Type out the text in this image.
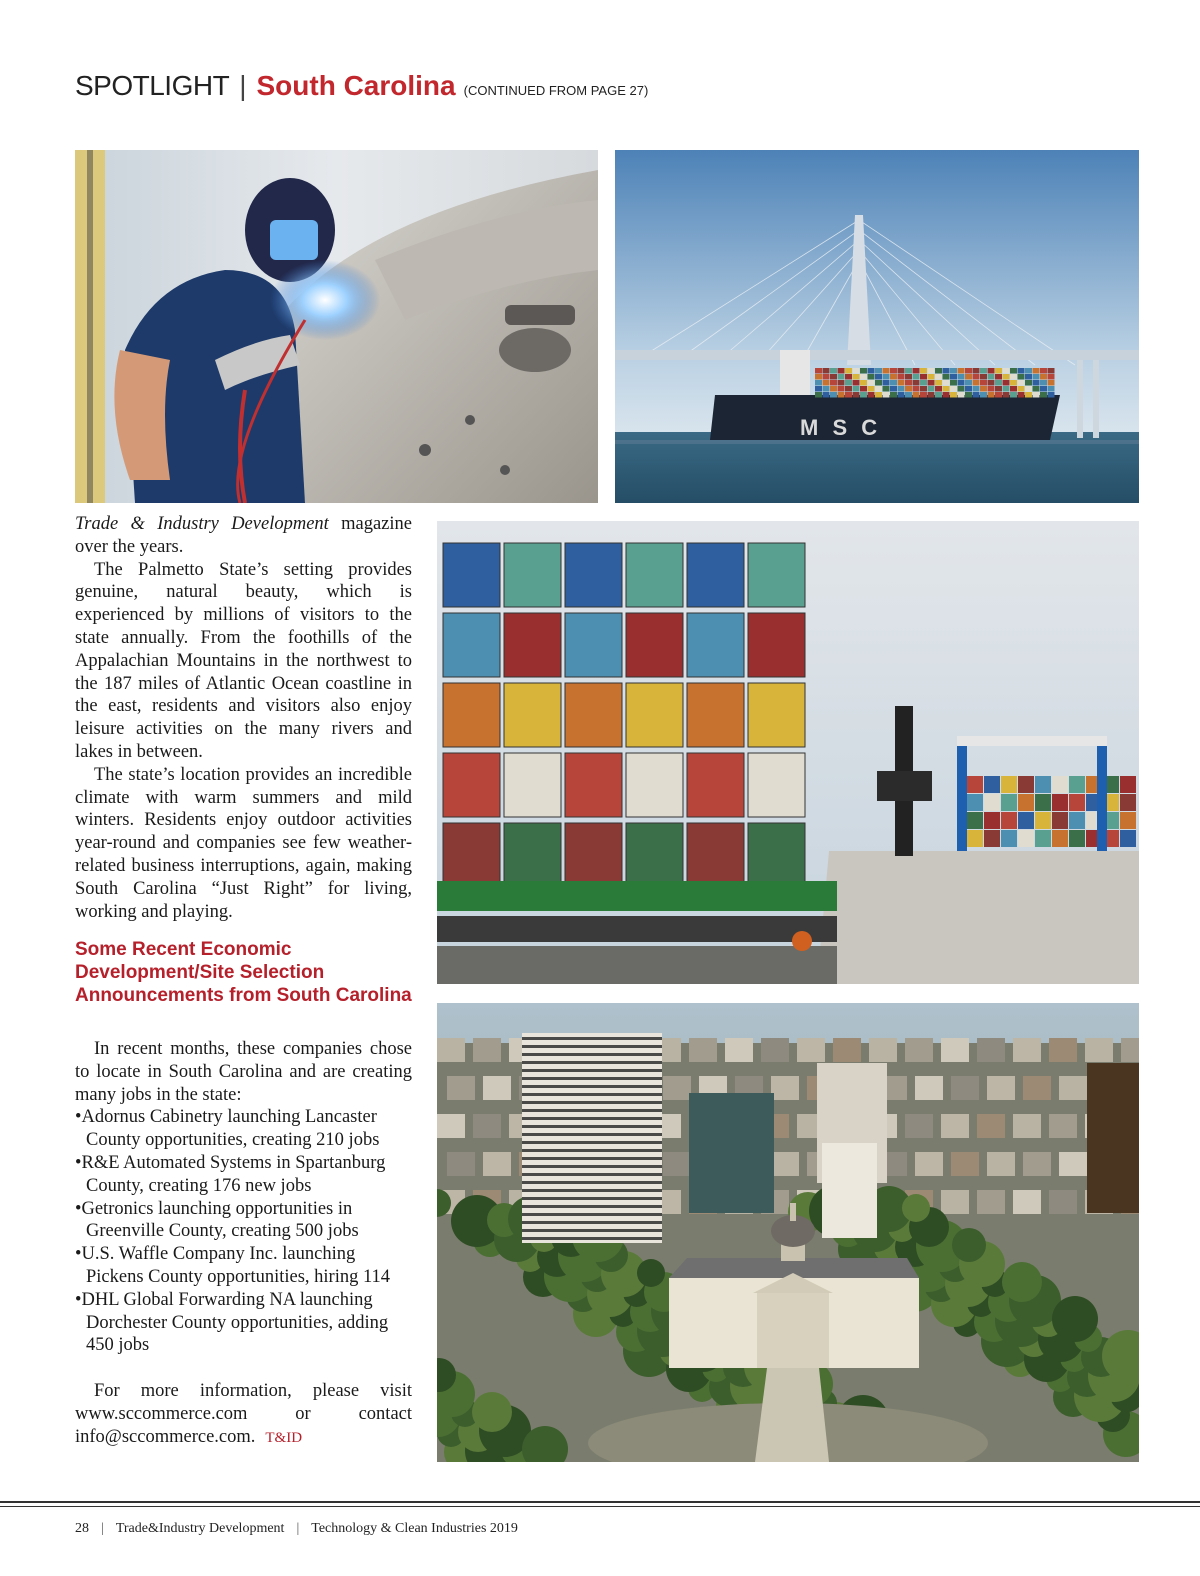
SPOTLIGHT | South Carolina (CONTINUED FROM PAGE 27)
M S C

Trade & Industry Development magazine over the years.

The Palmetto State’s setting provides genuine, natural beauty, which is experienced by millions of visitors to the state annually. From the foothills of the Appalachian Mountains in the northwest to the 187 miles of Atlantic Ocean coastline in the east, residents and visitors also enjoy leisure activities on the many rivers and lakes in between.

The state’s location provides an incredible climate with warm summers and mild winters. Residents enjoy outdoor activities year-round and companies see few weather-related business interruptions, again, making South Carolina “Just Right” for living, working and playing.

Some Recent Economic Development/Site Selection Announcements from South Carolina

In recent months, these companies chose to locate in South Carolina and are creating many jobs in the state:

• Adornus Cabinetry launching Lancaster County opportunities, creating 210 jobs
• R&E Automated Systems in Spartanburg County, creating 176 new jobs
• Getronics launching opportunities in Greenville County, creating 500 jobs
• U.S. Waffle Company Inc. launching Pickens County opportunities, hiring 114
• DHL Global Forwarding NA launching Dorchester County opportunities, adding 450 jobs

For more information, please visit www.sccommerce.com or contact info@sccommerce.com. T&ID

28 | Trade&Industry Development | Technology & Clean Industries 2019
